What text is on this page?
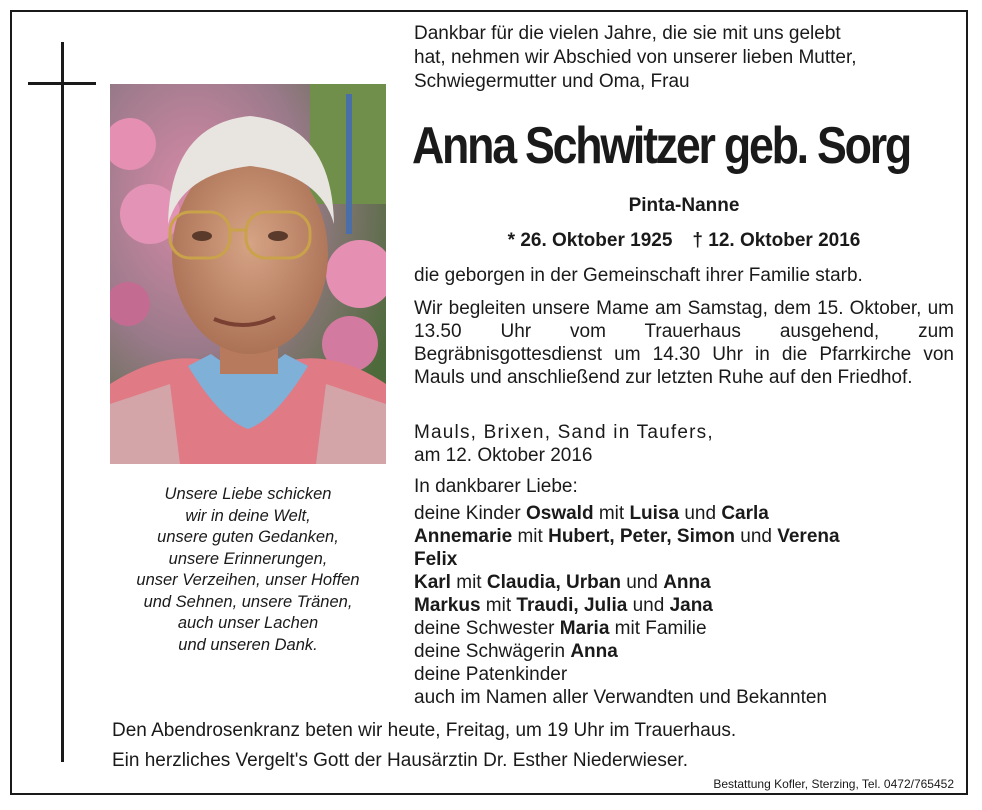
Unsere Liebe schicken
wir in deine Welt,
unsere guten Gedanken,
unsere Erinnerungen,
unser Verzeihen, unser Hoffen
und Sehnen, unsere Tränen,
auch unser Lachen
und unseren Dank.
Dankbar für die vielen Jahre, die sie mit uns gelebt
hat, nehmen wir Abschied von unserer lieben Mutter,
Schwiegermutter und Oma, Frau
Anna Schwitzer geb. Sorg
Pinta-Nanne
* 26. Oktober 1925 † 12. Oktober 2016
die geborgen in der Gemeinschaft ihrer Familie starb.
Wir begleiten unsere Mame am Samstag, dem 15. Oktober, um 13.50 Uhr vom Trauerhaus ausgehend, zum Begräbnisgottesdienst um 14.30 Uhr in die Pfarrkirche von Mauls und anschließend zur letzten Ruhe auf den Friedhof.
Mauls, Brixen, Sand in Taufers,
am 12. Oktober 2016
In dankbarer Liebe:
deine Kinder Oswald mit Luisa und Carla
Annemarie mit Hubert, Peter, Simon und Verena
Felix
Karl mit Claudia, Urban und Anna
Markus mit Traudi, Julia und Jana
deine Schwester Maria mit Familie
deine Schwägerin Anna
deine Patenkinder
auch im Namen aller Verwandten und Bekannten
Den Abendrosenkranz beten wir heute, Freitag, um 19 Uhr im Trauerhaus.
Ein herzliches Vergelt's Gott der Hausärztin Dr. Esther Niederwieser.
Bestattung Kofler, Sterzing, Tel. 0472/765452
